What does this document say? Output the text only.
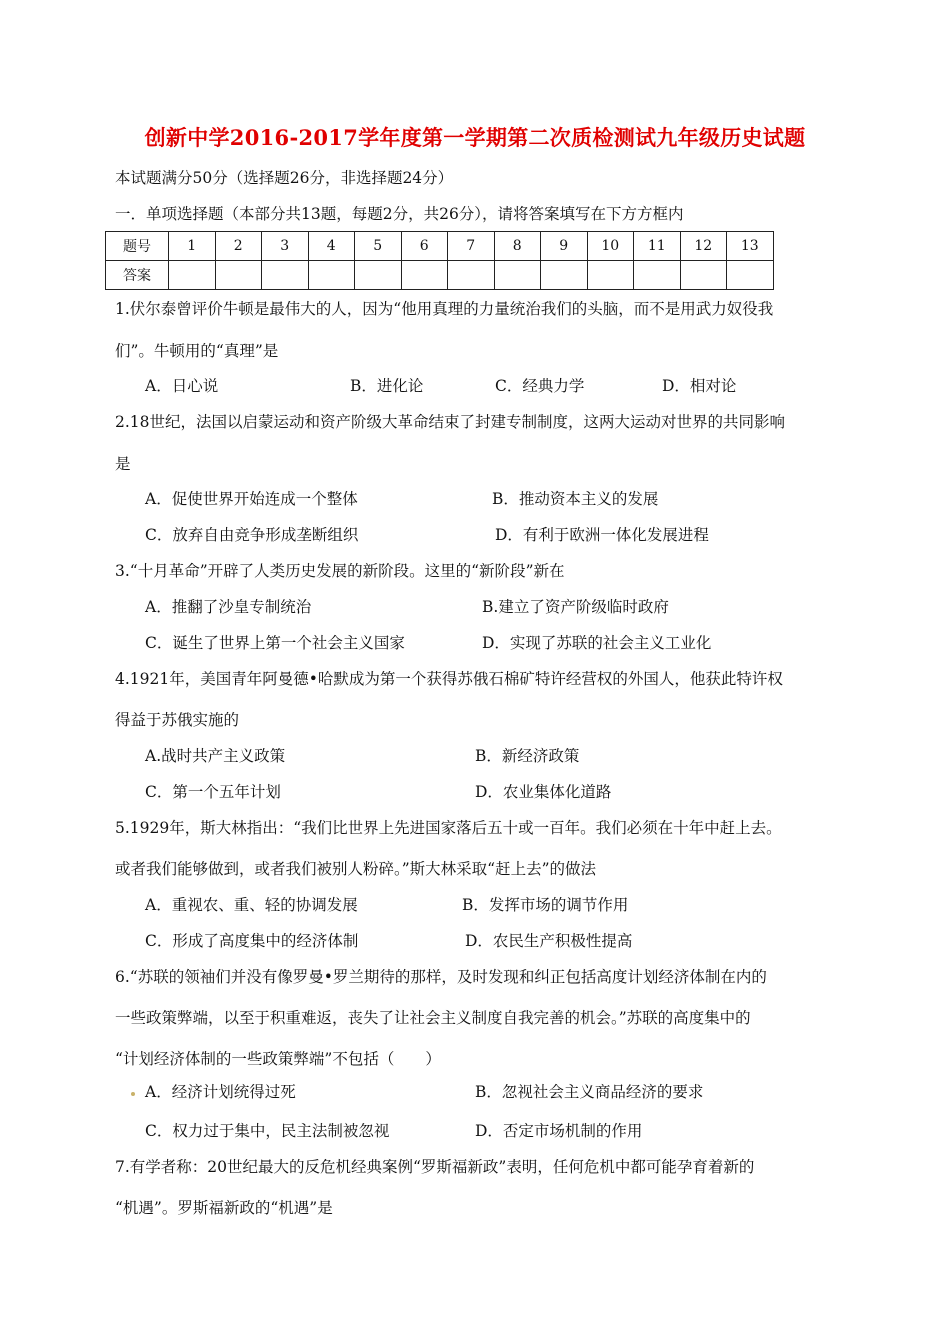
创新中学2016-2017学年度第一学期第二次质检测试九年级历史试题
本试题满分50分（选择题26分，非选择题24分）
一．单项选择题（本部分共13题，每题2分，共26分），请将答案填写在下方方框内
题号	1	2	3	4	5	6	7	8	9	10	11	12	13
答案													
1.伏尔泰曾评价牛顿是最伟大的人，因为“他用真理的力量统治我们的头脑，而不是用武力奴役我
们”。牛顿用的“真理”是
A．日心说	B．进化论	C．经典力学	D．相对论
2.18世纪，法国以启蒙运动和资产阶级大革命结束了封建专制制度，这两大运动对世界的共同影响
是
A．促使世界开始连成一个整体	B．推动资本主义的发展
C．放弃自由竞争形成垄断组织	D．有利于欧洲一体化发展进程
3.“十月革命”开辟了人类历史发展的新阶段。这里的“新阶段”新在
A．推翻了沙皇专制统治	B.建立了资产阶级临时政府
C．诞生了世界上第一个社会主义国家	D．实现了苏联的社会主义工业化
4.1921年，美国青年阿曼德•哈默成为第一个获得苏俄石棉矿特许经营权的外国人，他获此特许权
得益于苏俄实施的
A.战时共产主义政策	B．新经济政策
C．第一个五年计划	D．农业集体化道路
5.1929年，斯大林指出：“我们比世界上先进国家落后五十或一百年。我们必须在十年中赶上去。
或者我们能够做到，或者我们被别人粉碎。”斯大林采取“赶上去”的做法
A．重视农、重、轻的协调发展	B．发挥市场的调节作用
C．形成了高度集中的经济体制	D．农民生产积极性提高
6.“苏联的领袖们并没有像罗曼•罗兰期待的那样，及时发现和纠正包括高度计划经济体制在内的
一些政策弊端，以至于积重难返，丧失了让社会主义制度自我完善的机会。”苏联的高度集中的
“计划经济体制的一些政策弊端”不包括（　　）
A．经济计划统得过死	B．忽视社会主义商品经济的要求
C．权力过于集中，民主法制被忽视	D．否定市场机制的作用
7.有学者称：20世纪最大的反危机经典案例“罗斯福新政”表明，任何危机中都可能孕育着新的
“机遇”。罗斯福新政的“机遇”是
